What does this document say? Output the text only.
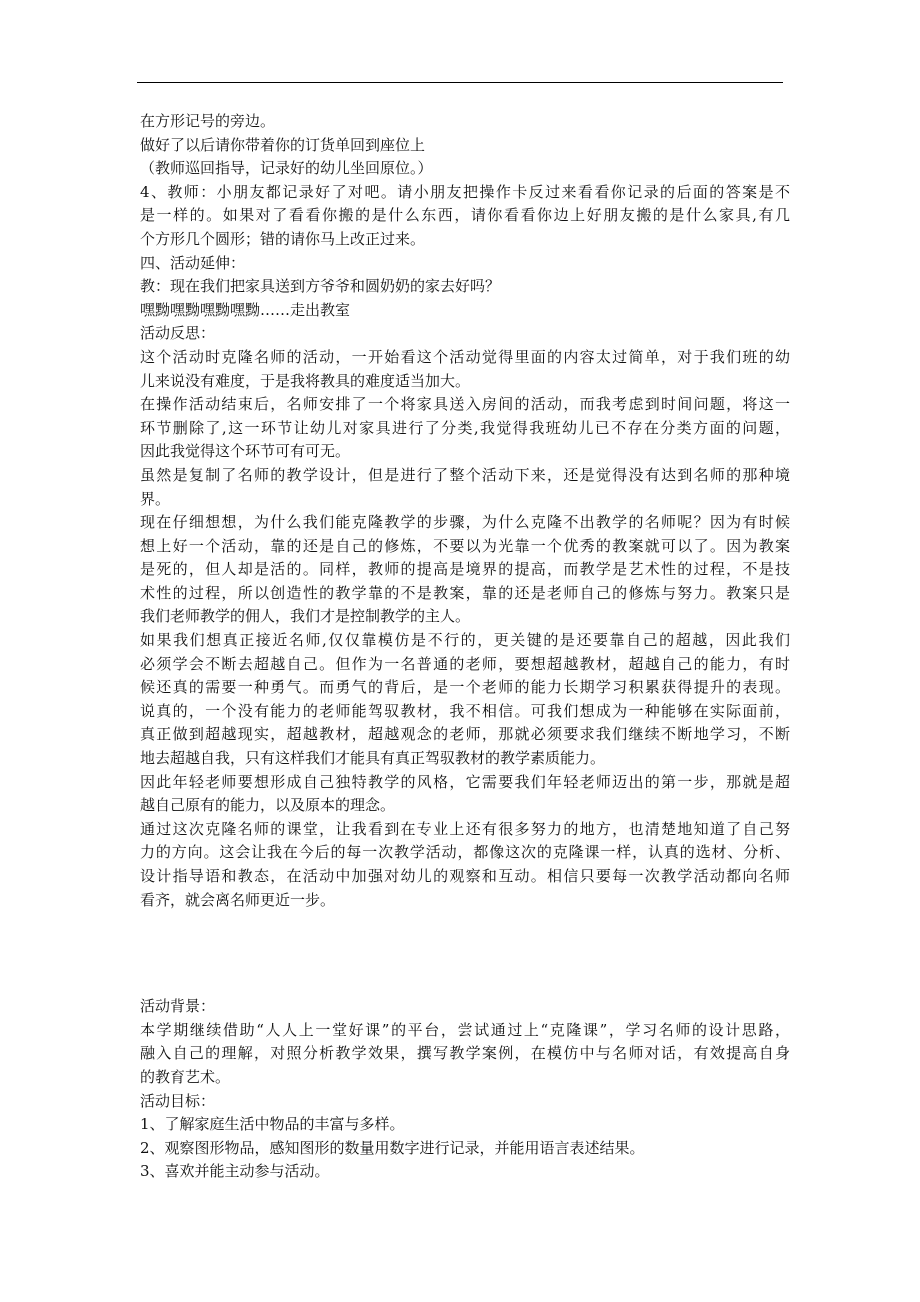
在方形记号的旁边。
做好了以后请你带着你的订货单回到座位上
（教师巡回指导，记录好的幼儿坐回原位。）
4、教师：小朋友都记录好了对吧。请小朋友把操作卡反过来看看你记录的后面的答案是不
是一样的。如果对了看看你搬的是什么东西，请你看看你边上好朋友搬的是什么家具,有几
个方形几个圆形；错的请你马上改正过来。
四、活动延伸：
教：现在我们把家具送到方爷爷和圆奶奶的家去好吗？
嘿黝嘿黝嘿黝嘿黝……走出教室
活动反思：
这个活动时克隆名师的活动，一开始看这个活动觉得里面的内容太过简单，对于我们班的幼
儿来说没有难度，于是我将教具的难度适当加大。
在操作活动结束后，名师安排了一个将家具送入房间的活动，而我考虑到时间问题，将这一
环节删除了,这一环节让幼儿对家具进行了分类,我觉得我班幼儿已不存在分类方面的问题，
因此我觉得这个环节可有可无。
虽然是复制了名师的教学设计，但是进行了整个活动下来，还是觉得没有达到名师的那种境
界。
现在仔细想想，为什么我们能克隆教学的步骤，为什么克隆不出教学的名师呢？因为有时候
想上好一个活动，靠的还是自己的修炼，不要以为光靠一个优秀的教案就可以了。因为教案
是死的，但人却是活的。同样，教师的提高是境界的提高，而教学是艺术性的过程，不是技
术性的过程，所以创造性的教学靠的不是教案，靠的还是老师自己的修炼与努力。教案只是
我们老师教学的佣人，我们才是控制教学的主人。
如果我们想真正接近名师,仅仅靠模仿是不行的，更关键的是还要靠自己的超越，因此我们
必须学会不断去超越自己。但作为一名普通的老师，要想超越教材，超越自己的能力，有时
候还真的需要一种勇气。而勇气的背后，是一个老师的能力长期学习积累获得提升的表现。
说真的，一个没有能力的老师能驾驭教材，我不相信。可我们想成为一种能够在实际面前，
真正做到超越现实，超越教材，超越观念的老师，那就必须要求我们继续不断地学习，不断
地去超越自我，只有这样我们才能具有真正驾驭教材的教学素质能力。
因此年轻老师要想形成自己独特教学的风格，它需要我们年轻老师迈出的第一步，那就是超
越自己原有的能力，以及原本的理念。
通过这次克隆名师的课堂，让我看到在专业上还有很多努力的地方，也清楚地知道了自己努
力的方向。这会让我在今后的每一次教学活动，都像这次的克隆课一样，认真的选材、分析、
设计指导语和教态，在活动中加强对幼儿的观察和互动。相信只要每一次教学活动都向名师
看齐，就会离名师更近一步。
活动背景：
本学期继续借助“人人上一堂好课”的平台，尝试通过上“克隆课”，学习名师的设计思路，
融入自己的理解，对照分析教学效果，撰写教学案例，在模仿中与名师对话，有效提高自身
的教育艺术。
活动目标：
1、了解家庭生活中物品的丰富与多样。
2、观察图形物品，感知图形的数量用数字进行记录，并能用语言表述结果。
3、喜欢并能主动参与活动。
